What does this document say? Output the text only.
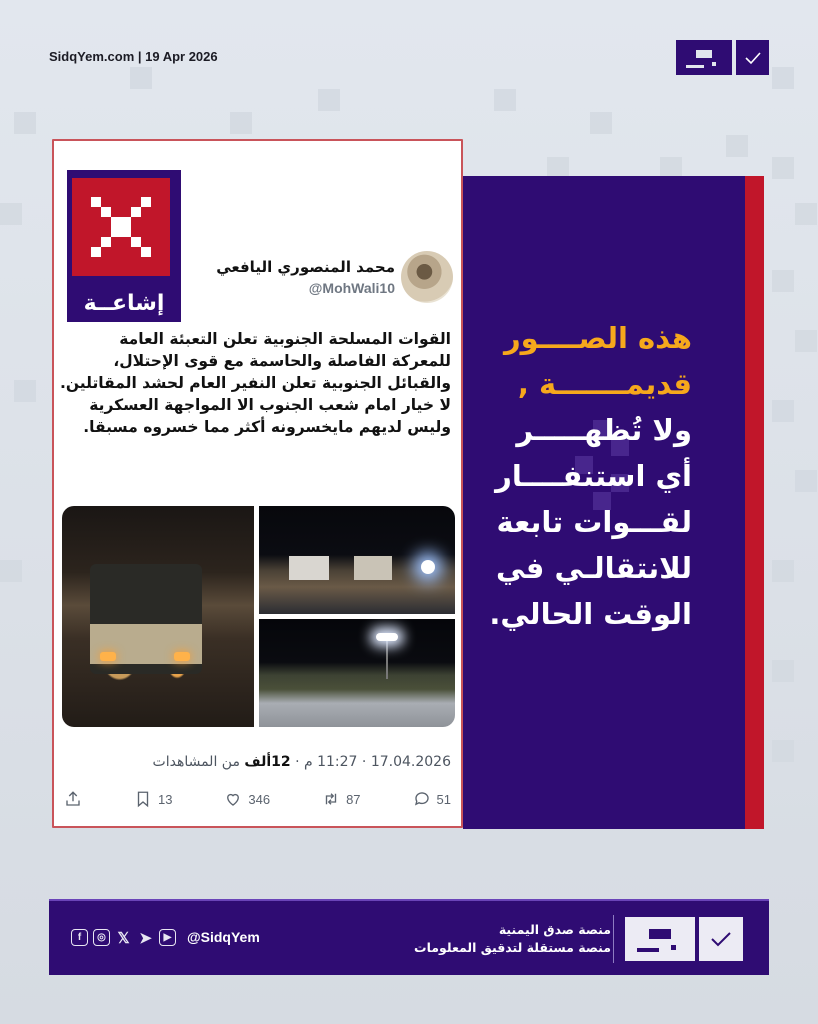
SidqYem.com | 19 Apr 2026
هذه الصــــور
قديمـــــــة ,
ولا تُظهـــــر
أي استنفــــار
لقـــوات تابعة
للانتقالـي في
الوقت الحالي.
إشاعــة
محمد المنصوري اليافعي
@MohWali10

القوات المسلحة الجنوبية تعلن التعبئة العامة للمعركة الفاصلة والحاسمة مع قوى الإحتلال، والقبائل الجنوبية تعلن النفير العام لحشد المقاتلين.

لا خيار امام شعب الجنوب الا المواجهة العسكرية وليس لديهم مايخسرونه أكثر مما خسروه مسبقا.

17.04.2026 · 11:27 م · 12ألف من المشاهدات
51
87
346
13
f	◎ 𝕏 ➤	▶	@SidqYem	منصة صدق اليمنية
منصة مستقلة لتدقيق المعلومات
